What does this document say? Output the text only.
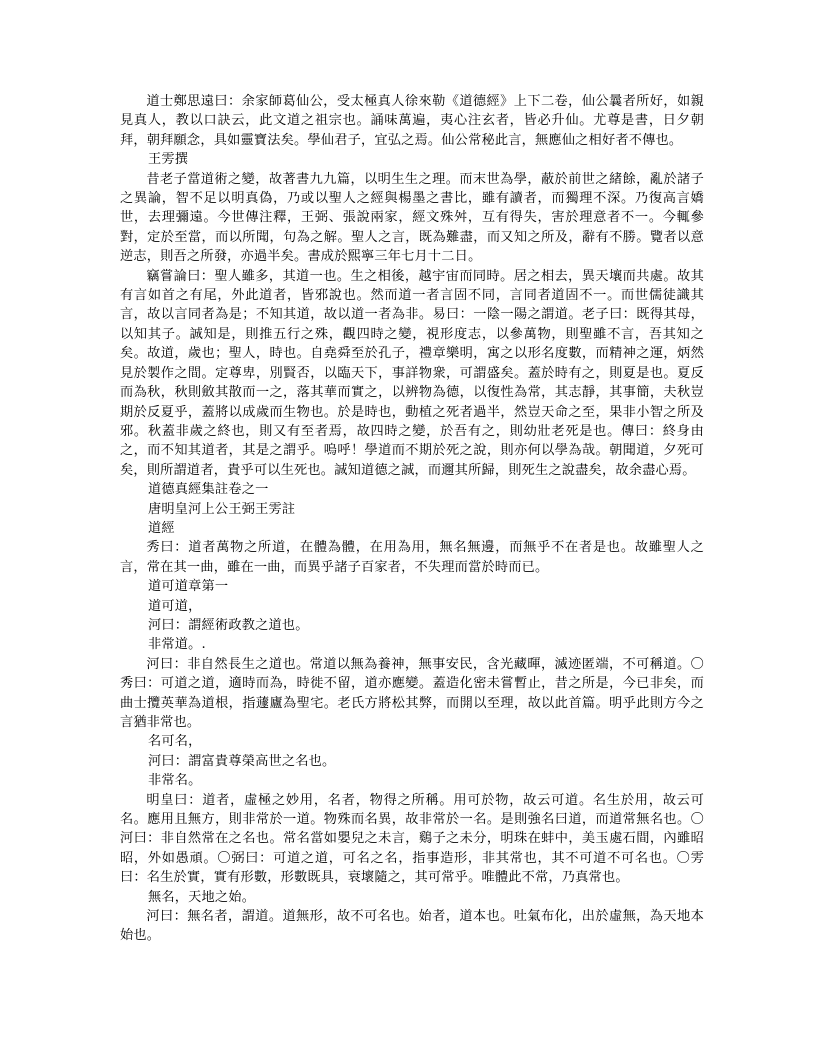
道士鄭思遠曰：余家師葛仙公，受太極真人徐來勒《道德經》上下二卷，仙公曩者所好，如親見真人，教以口訣云，此文道之祖宗也。誦味萬遍，夷心注玄者，皆必升仙。尤尊是書，日夕朝拜，朝拜願念，具如靈寶法矣。學仙君子，宜弘之焉。仙公常秘此言，無應仙之相好者不傳也。

王雱撰

昔老子當道術之變，故著書九九篇，以明生生之理。而末世為學，蔽於前世之緒餘，亂於諸子之異論，智不足以明真偽，乃或以聖人之經與楊墨之書比，雖有讀者，而獨理不深。乃復高言嬌世，去理彌遠。今世傳注釋，王弼、張說兩家，經文殊舛，互有得失，害於理意者不一。今輒參對，定於至當，而以所聞，句為之解。聖人之言，既為難盡，而又知之所及，辭有不勝。覽者以意逆志，則吾之所發，亦過半矣。書成於熙寧三年七月十二日。

竊嘗論曰：聖人雖多，其道一也。生之相後，越宇宙而同時。居之相去，異天壤而共處。故其有言如首之有尾，外此道者，皆邪說也。然而道一者言固不同，言同者道固不一。而世儒徒識其言，故以言同者為是；不知其道，故以道一者為非。易曰：一陰一陽之謂道。老子曰：既得其母，以知其子。誠知是，則推五行之殊，觀四時之變，視形度志，以參萬物，則聖雖不言，吾其知之矣。故道，歲也；聖人，時也。自堯舜至於孔子，禮章樂明，寓之以形名度數，而精神之運，炳然見於製作之間。定尊卑，別賢否，以臨天下，事詳物衆，可謂盛矣。蓋於時有之，則夏是也。夏反而為秋，秋則斂其散而一之，落其華而實之，以辨物為德，以復性為常，其志靜，其事簡，夫秋豈期於反夏乎，蓋將以成歲而生物也。於是時也，動植之死者過半，然豈天命之至，果非小智之所及邪。秋蓋非歲之終也，則又有至者焉，故四時之變，於吾有之，則幼壯老死是也。傳曰：終身由之，而不知其道者，其是之謂乎。嗚呼！學道而不期於死之說，則亦何以學為哉。朝聞道，夕死可矣，則所謂道者，貴乎可以生死也。誠知道德之誠，而邇其所歸，則死生之說盡矣，故余盡心焉。

道德真經集註卷之一

唐明皇河上公王弼王雱註

道經

秀曰：道者萬物之所道，在體為體，在用為用，無名無邊，而無乎不在者是也。故雖聖人之言，常在其一曲，雖在一曲，而異乎諸子百家者，不失理而當於時而已。

道可道章第一

道可道，

河曰：謂經術政教之道也。

非常道。.

河曰：非自然長生之道也。常道以無為養神，無事安民，含光藏暉，滅迹匿端，不可稱道。〇秀曰：可道之道，適時而為，時徙不留，道亦應變。蓋造化密未嘗暫止，昔之所是，今已非矣，而曲士攬英華為道根，指蘧廬為聖宅。老氏方將松其弊，而開以至理，故以此首篇。明乎此則方今之言猶非常也。

名可名，

河曰：謂富貴尊榮高世之名也。

非常名。

明皇曰：道者，虛極之妙用，名者，物得之所稱。用可於物，故云可道。名生於用，故云可名。應用且無方，則非常於一道。物殊而名異，故非常於一名。是則強名曰道，而道常無名也。〇河曰：非自然常在之名也。常名當如嬰兒之未言，鷄子之未分，明珠在蚌中，美玉處石間，內雖昭昭，外如愚頑。〇弼曰：可道之道，可名之名，指事造形，非其常也，其不可道不可名也。〇雱曰：名生於實，實有形數，形數既具，衰壞隨之，其可常乎。唯體此不常，乃真常也。

無名，天地之始。

河曰：無名者，謂道。道無形，故不可名也。始者，道本也。吐氣布化，出於虛無，為天地本始也。
